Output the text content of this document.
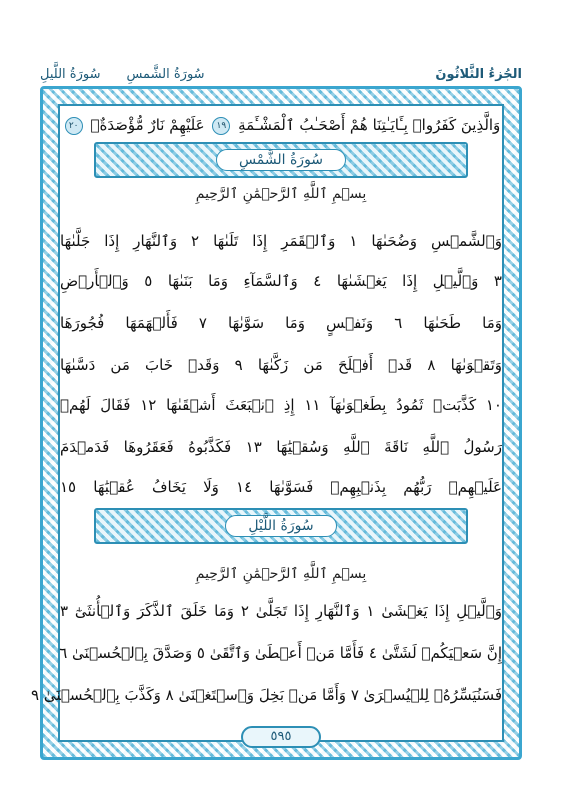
الجُزءُ الثَّلاثُونَ
سُورَةُ الشَّمسِ
سُورَةُ اللَّيلِ
وَالَّذِينَ كَفَرُوا۟ بِـَٔايَـٰتِنَا هُمْ أَصْحَـٰبُ ٱلْمَشْـَٔمَةِ ١٩ عَلَيْهِمْ نَارٌ مُّؤْصَدَةٌۢ ٢٠
سُورَةُ الشَّمْسِ
بِسۡمِ ٱللَّهِ ٱلرَّحۡمَٰنِ ٱلرَّحِيمِ
وَٱلشَّمۡسِ وَضُحَىٰهَا ١ وَٱلۡقَمَرِ إِذَا تَلَىٰهَا ٢ وَٱلنَّهَارِ إِذَا جَلَّىٰهَا
٣ وَٱلَّيۡلِ إِذَا يَغۡشَىٰهَا ٤ وَٱلسَّمَآءِ وَمَا بَنَىٰهَا ٥ وَٱلۡأَرۡضِ
وَمَا طَحَىٰهَا ٦ وَنَفۡسٍ وَمَا سَوَّىٰهَا ٧ فَأَلۡهَمَهَا فُجُورَهَا
وَتَقۡوَىٰهَا ٨ قَدۡ أَفۡلَحَ مَن زَكَّىٰهَا ٩ وَقَدۡ خَابَ مَن دَسَّىٰهَا
١٠ كَذَّبَتۡ ثَمُودُ بِطَغۡوَىٰهَآ ١١ إِذِ ٱنۢبَعَثَ أَشۡقَىٰهَا ١٢ فَقَالَ لَهُمۡ
رَسُولُ ٱللَّهِ نَاقَةَ ٱللَّهِ وَسُقۡيَٰهَا ١٣ فَكَذَّبُوهُ فَعَقَرُوهَا فَدَمۡدَمَ
عَلَيۡهِمۡ رَبُّهُم بِذَنۢبِهِمۡ فَسَوَّىٰهَا ١٤ وَلَا يَخَافُ عُقۡبَٰهَا ١٥
سُورَةُ اللَّيْلِ
بِسۡمِ ٱللَّهِ ٱلرَّحۡمَٰنِ ٱلرَّحِيمِ
وَٱلَّيۡلِ إِذَا يَغۡشَىٰ ١ وَٱلنَّهَارِ إِذَا تَجَلَّىٰ ٢ وَمَا خَلَقَ ٱلذَّكَرَ وَٱلۡأُنثَىٰٓ ٣
إِنَّ سَعۡيَكُمۡ لَشَتَّىٰ ٤ فَأَمَّا مَنۡ أَعۡطَىٰ وَٱتَّقَىٰ ٥ وَصَدَّقَ بِٱلۡحُسۡنَىٰ ٦
فَسَنُيَسِّرُهُۥ لِلۡيُسۡرَىٰ ٧ وَأَمَّا مَنۢ بَخِلَ وَٱسۡتَغۡنَىٰ ٨ وَكَذَّبَ بِٱلۡحُسۡنَىٰ ٩
٥٩٥
